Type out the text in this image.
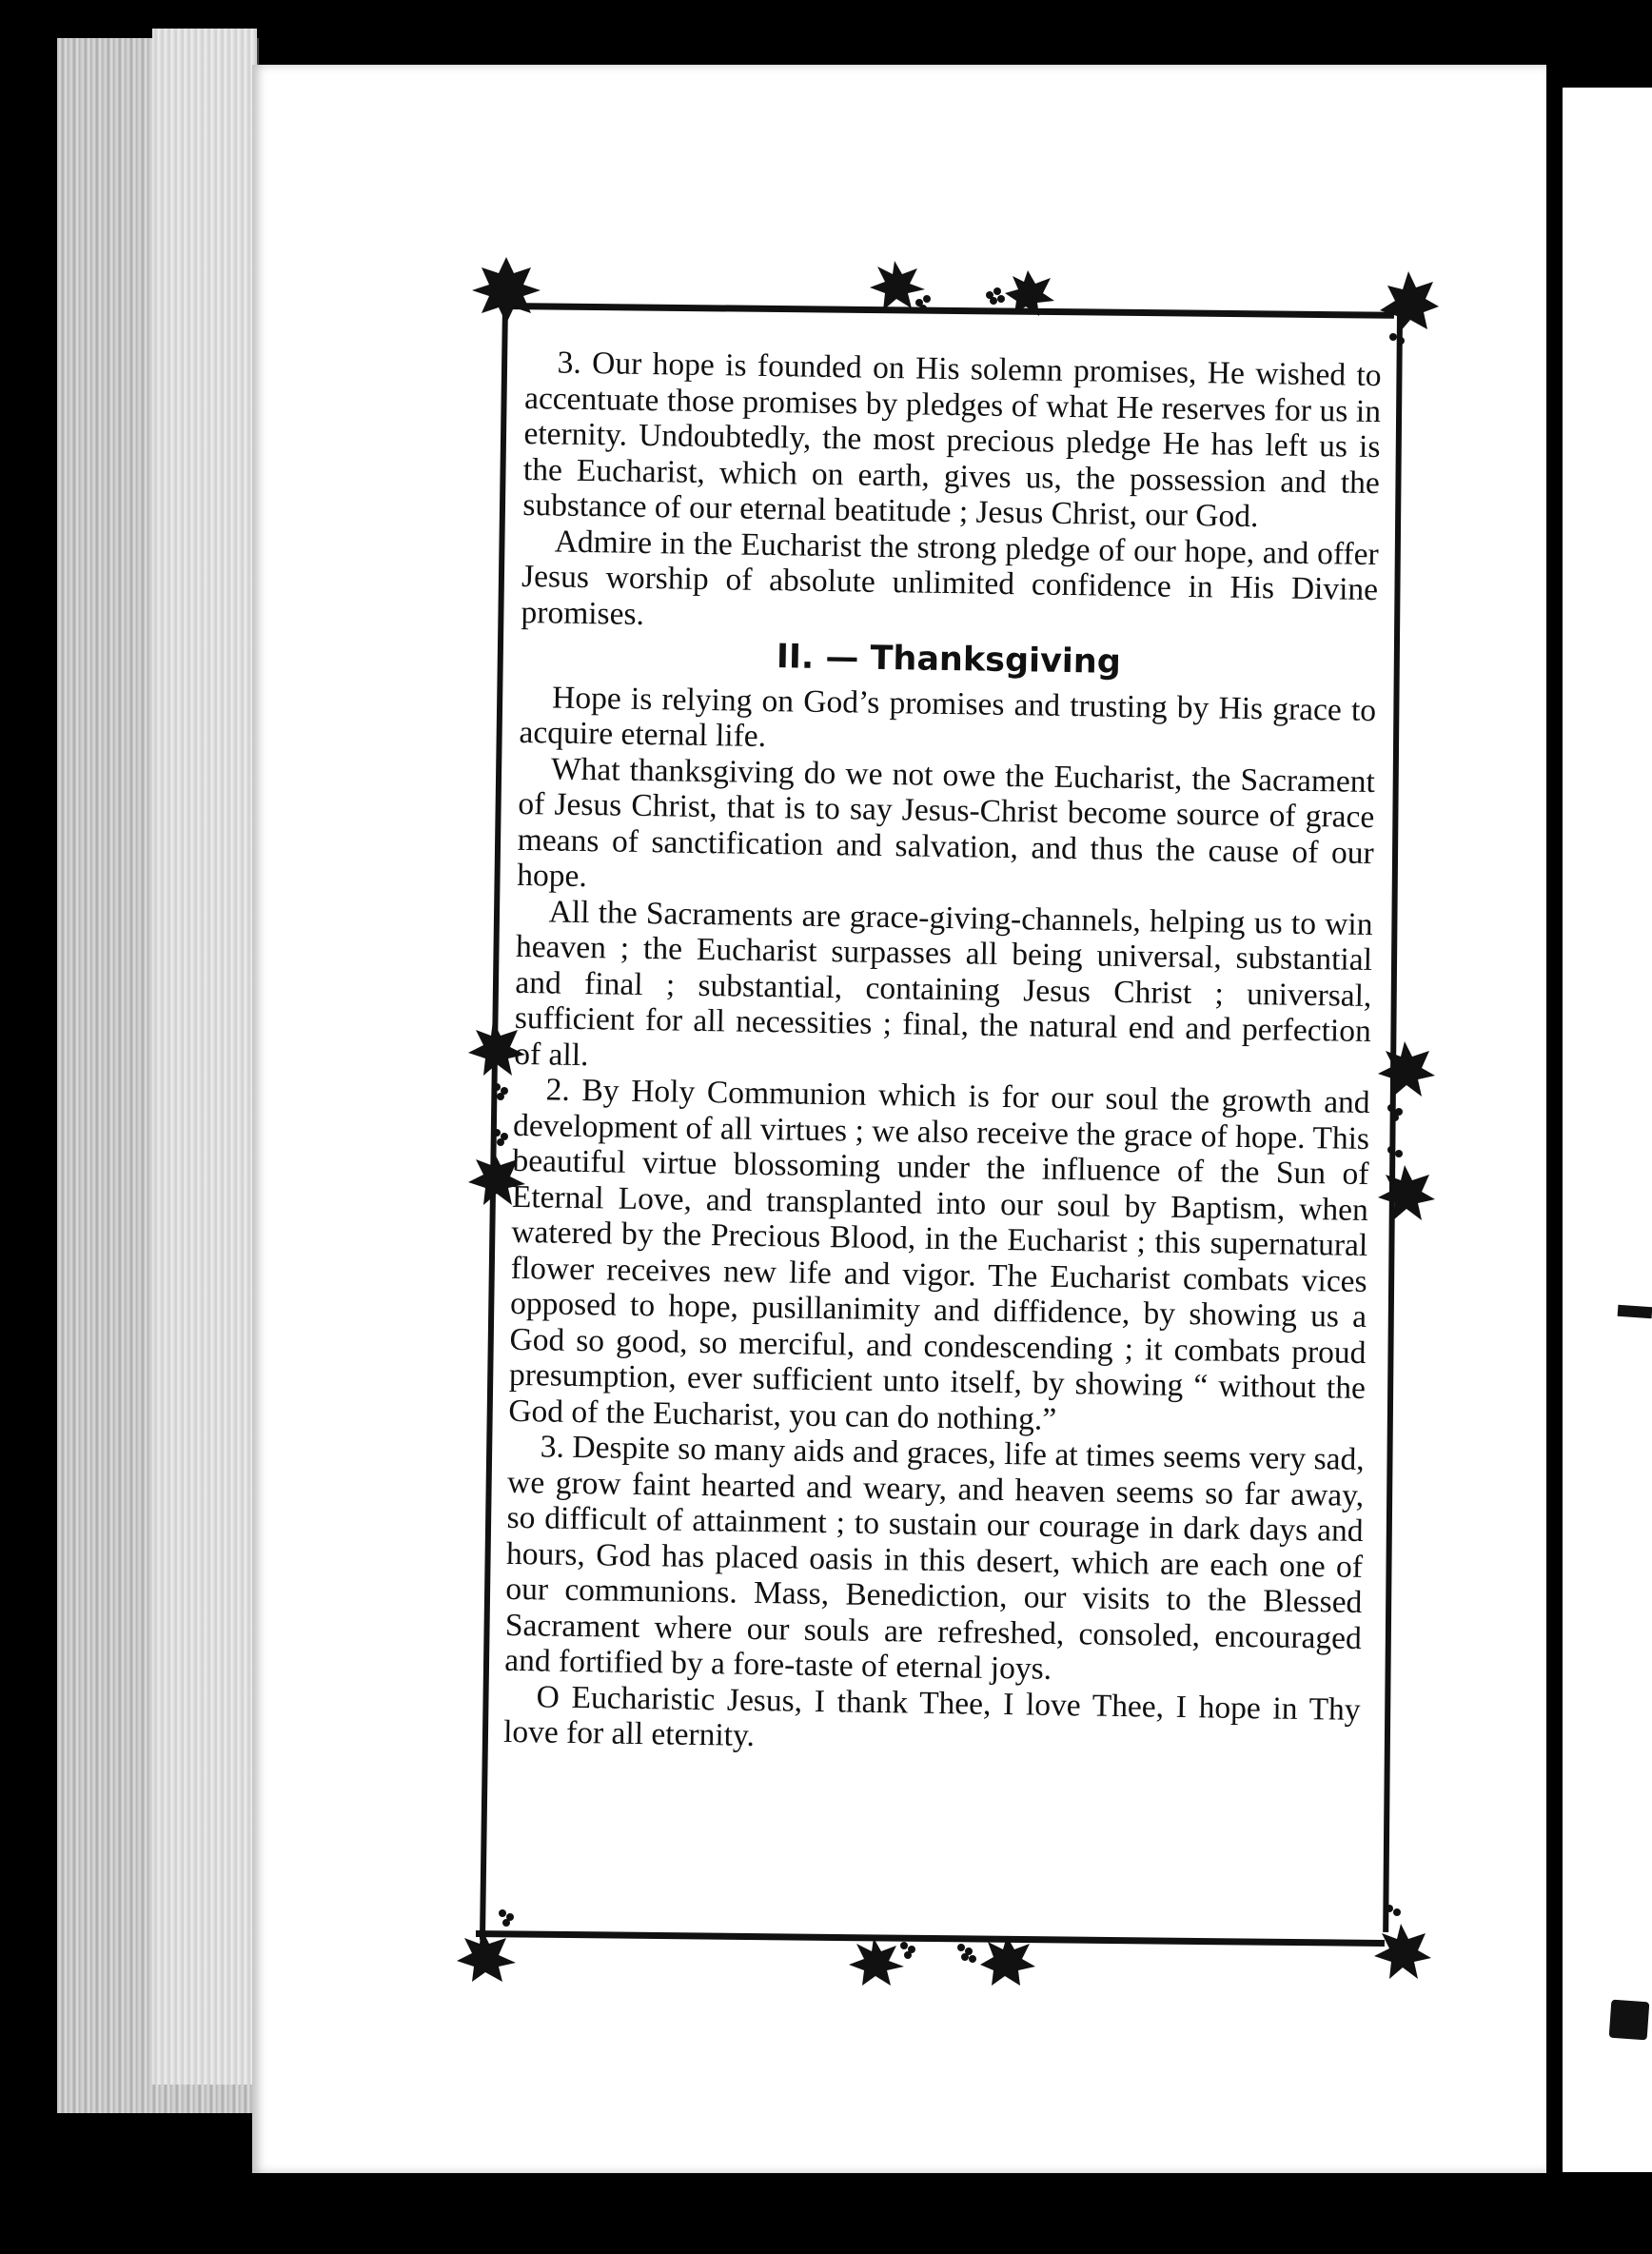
3. Our hope is founded on His solemn promises, He wished to accentuate those promises by pledges of what He reserves for us in eternity. Undoubtedly, the most precious pledge He has left us is the Eucharist, which on earth, gives us, the possession and the substance of our eternal beatitude ; Jesus Christ, our God.

Admire in the Eucharist the strong pledge of our hope, and offer Jesus worship of absolute unlimited confidence in His Divine promises.

II. — Thanksgiving

Hope is relying on God’s promises and trusting by His grace to acquire eternal life.

What thanksgiving do we not owe the Eucharist, the Sacrament of Jesus Christ, that is to say Jesus-Christ become source of grace means of sanctification and salvation, and thus the cause of our hope.

All the Sacraments are grace-giving-channels, helping us to win heaven ; the Eucharist surpasses all being universal, substantial and final ; substantial, containing Jesus Christ ; universal, sufficient for all necessities ; final, the natural end and perfection of all.

2. By Holy Communion which is for our soul the growth and development of all virtues ; we also receive the grace of hope. This beautiful virtue blossoming under the influence of the Sun of Eternal Love, and transplanted into our soul by Baptism, when watered by the Precious Blood, in the Eucharist ; this supernatural flower receives new life and vigor. The Eucharist combats vices opposed to hope, pusillanimity and diffidence, by showing us a God so good, so merciful, and condescending ; it combats proud presumption, ever sufficient unto itself, by showing “ without the God of the Eucharist, you can do nothing.”

3. Despite so many aids and graces, life at times seems very sad, we grow faint hearted and weary, and heaven seems so far away, so difficult of attainment ; to sustain our courage in dark days and hours, God has placed oasis in this desert, which are each one of our communions. Mass, Benediction, our visits to the Blessed Sacrament where our souls are refreshed, consoled, encouraged and fortified by a fore-taste of eternal joys.

O Eucharistic Jesus, I thank Thee, I love Thee, I hope in Thy love for all eternity.
